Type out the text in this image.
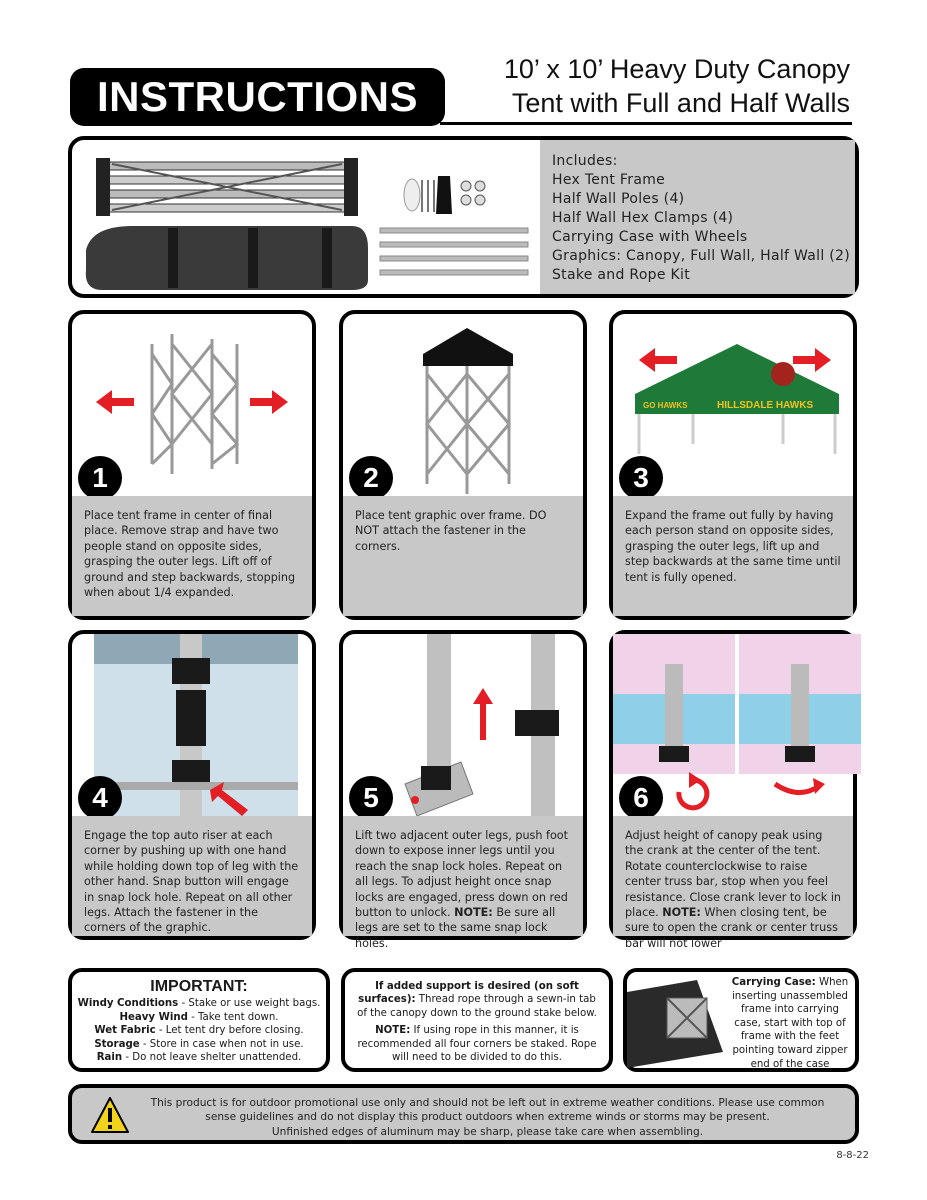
INSTRUCTIONS
10’ x 10’ Heavy Duty Canopy
Tent with Full and Half Walls
Includes:
Hex Tent Frame
Half Wall Poles (4)
Half Wall Hex Clamps (4)
Carrying Case with Wheels
Graphics: Canopy, Full Wall, Half Wall (2)
Stake and Rope Kit
1

Place tent frame in center of final place. Remove strap and have two people stand on opposite sides, grasping the outer legs. Lift off of ground and step backwards, stopping when about 1/4 expanded.

2

Place tent graphic over frame. DO NOT attach the fastener in the corners.

GO HAWKS	HILLSDALE HAWKS
3

Expand the frame out fully by having each person stand on opposite sides, grasping the outer legs, lift up and step backwards at the same time until tent is fully opened.

4

Engage the top auto riser at each corner by pushing up with one hand while holding down top of leg with the other hand. Snap button will engage in snap lock hole. Repeat on all other legs. Attach the fastener in the corners of the graphic.

5

Lift two adjacent outer legs, push foot down to expose inner legs until you reach the snap lock holes. Repeat on all legs. To adjust height once snap locks are engaged, press down on red button to unlock. NOTE: Be sure all legs are set to the same snap lock holes.

6

Adjust height of canopy peak using the crank at the center of the tent. Rotate counterclockwise to raise center truss bar, stop when you feel resistance. Close crank lever to lock in place. NOTE: When closing tent, be sure to open the crank or center truss bar will not lower

IMPORTANT:
Windy Conditions - Stake or use weight bags.
Heavy Wind - Take tent down.
Wet Fabric - Let tent dry before closing.
Storage - Store in case when not in use.
Rain - Do not leave shelter unattended.
If added support is desired (on soft surfaces): Thread rope through a sewn-in tab of the canopy down to the ground stake below.
NOTE: If using rope in this manner, it is recommended all four corners be staked. Rope will need to be divided to do this.
Carrying Case: When inserting unassembled frame into carrying case, start with top of frame with the feet pointing toward zipper end of the case
This product is for outdoor promotional use only and should not be left out in extreme weather conditions. Please use common
sense guidelines and do not display this product outdoors when extreme winds or storms may be present.
Unfinished edges of aluminum may be sharp, please take care when assembling.
8-8-22
